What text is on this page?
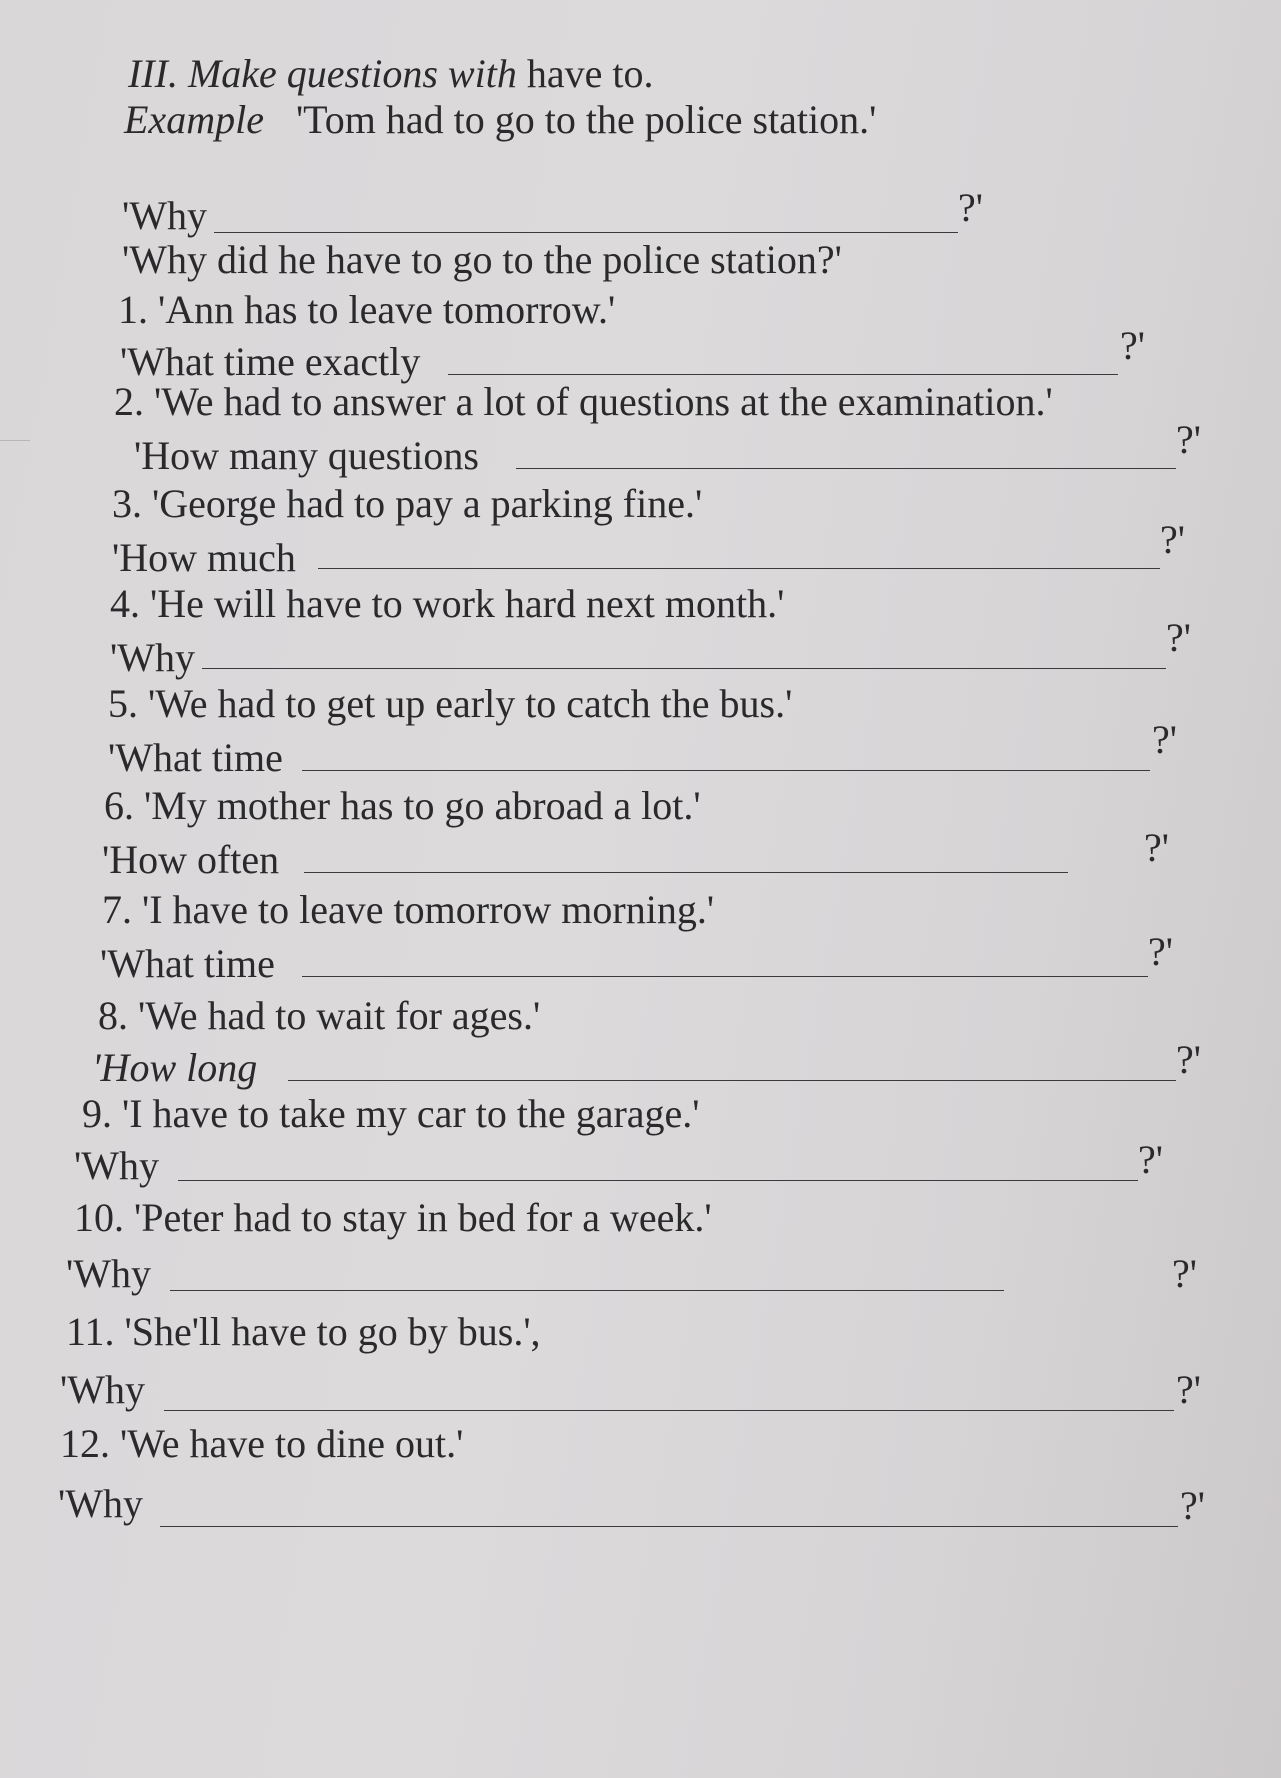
III. Make questions with have to.
Example 'Tom had to go to the police station.'
'Why	?'
'Why did he have to go to the police station?'
1. 'Ann has to leave tomorrow.'
'What time exactly	?'
2. 'We had to answer a lot of questions at the examination.'
'How many questions	?'
3. 'George had to pay a parking fine.'
'How much	?'
4. 'He will have to work hard next month.'
'Why	?'
5. 'We had to get up early to catch the bus.'
'What time	?'
6. 'My mother has to go abroad a lot.'
'How often	?'
7. 'I have to leave tomorrow morning.'
'What time	?'
8. 'We had to wait for ages.'
'How long	?'
9. 'I have to take my car to the garage.'
'Why	?'
10. 'Peter had to stay in bed for a week.'
'Why	?'
11. 'She'll have to go by bus.',
'Why	?'
12. 'We have to dine out.'
'Why	?'
